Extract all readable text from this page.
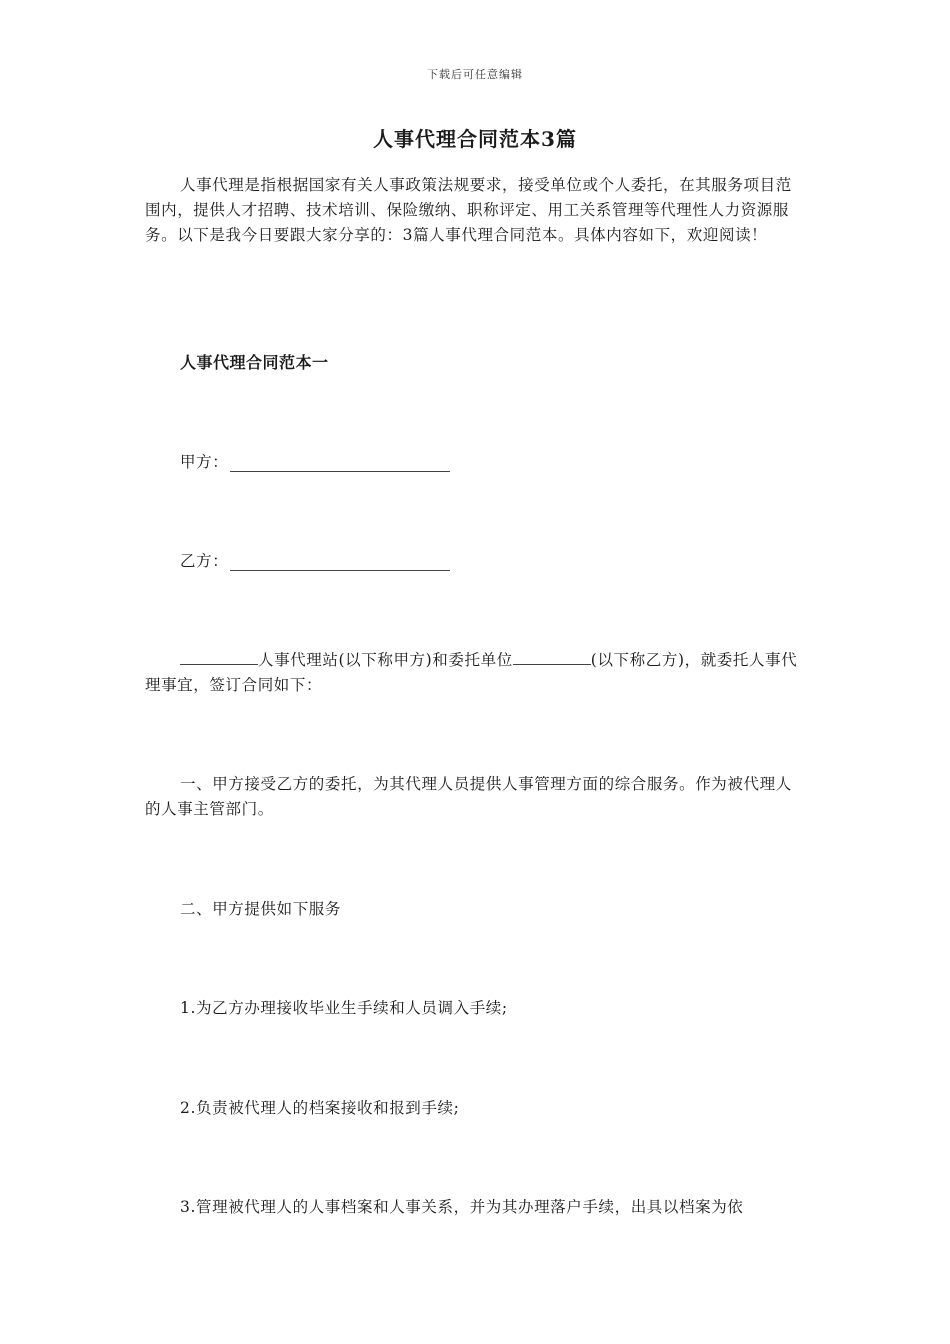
下载后可任意编辑
人事代理合同范本3篇
人事代理是指根据国家有关人事政策法规要求，接受单位或个人委托，在其服务项目范围内，提供人才招聘、技术培训、保险缴纳、职称评定、用工关系管理等代理性人力资源服务。以下是我今日要跟大家分享的：3篇人事代理合同范本。具体内容如下，欢迎阅读！
人事代理合同范本一
甲方：
乙方：
人事代理站(以下称甲方)和委托单位	(以下称乙方)，就委托人事代理事宜，签订合同如下：
一、甲方接受乙方的委托，为其代理人员提供人事管理方面的综合服务。作为被代理人的人事主管部门。
二、甲方提供如下服务
1.为乙方办理接收毕业生手续和人员调入手续;
2.负责被代理人的档案接收和报到手续;
3.管理被代理人的人事档案和人事关系，并为其办理落户手续，出具以档案为依
